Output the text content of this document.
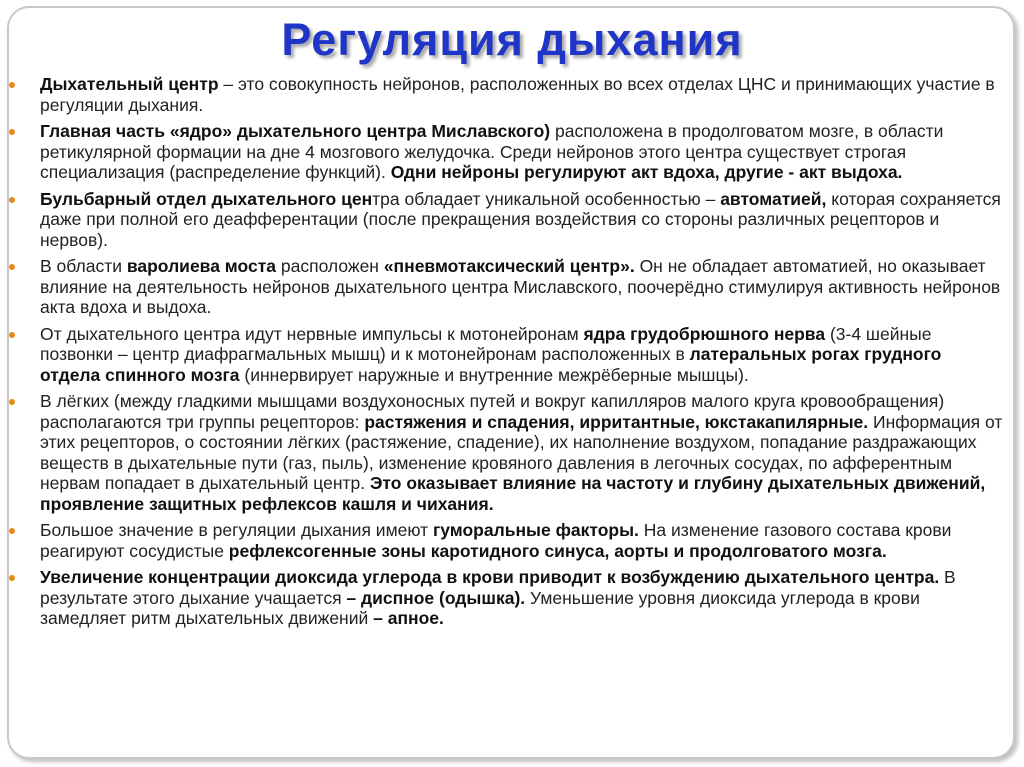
Регуляция дыхания
Дыхательный центр – это совокупность нейронов, расположенных во всех отделах ЦНС и принимающих участие в регуляции дыхания.
Главная часть «ядро» дыхательного центра Миславского) расположена в продолговатом мозге, в области ретикулярной формации на дне 4 мозгового желудочка. Среди нейронов этого центра существует строгая специализация (распределение функций). Одни нейроны регулируют акт вдоха, другие - акт выдоха.
Бульбарный отдел дыхательного центра обладает уникальной особенностью – автоматией, которая сохраняется даже при полной его деафферентации (после прекращения воздействия со стороны различных рецепторов и нервов).
В области варолиева моста расположен «пневмотаксический центр». Он не обладает автоматией, но оказывает влияние на деятельность нейронов дыхательного центра Миславского, поочерёдно стимулируя активность нейронов акта вдоха и выдоха.
От дыхательного центра идут нервные импульсы к мотонейронам ядра грудобрюшного нерва (3-4 шейные позвонки – центр диафрагмальных мышц) и к мотонейронам расположенных в латеральных рогах грудного отдела спинного мозга (иннервирует наружные и внутренние межрёберные мышцы).
В лёгких (между гладкими мышцами воздухоносных путей и вокруг капилляров малого круга кровообращения) располагаются три группы рецепторов: растяжения и спадения, ирритантные, юкстакапилярные. Информация от этих рецепторов, о состоянии лёгких (растяжение, спадение), их наполнение воздухом, попадание раздражающих веществ в дыхательные пути (газ, пыль), изменение кровяного давления в легочных сосудах, по афферентным нервам попадает в дыхательный центр. Это оказывает влияние на частоту и глубину дыхательных движений, проявление защитных рефлексов кашля и чихания.
Большое значение в регуляции дыхания имеют гуморальные факторы. На изменение газового состава крови реагируют сосудистые рефлексогенные зоны каротидного синуса, аорты и продолговатого мозга.
Увеличение концентрации диоксида углерода в крови приводит к возбуждению дыхательного центра. В результате этого дыхание учащается – диспное (одышка). Уменьшение уровня диоксида углерода в крови замедляет ритм дыхательных движений – апное.
